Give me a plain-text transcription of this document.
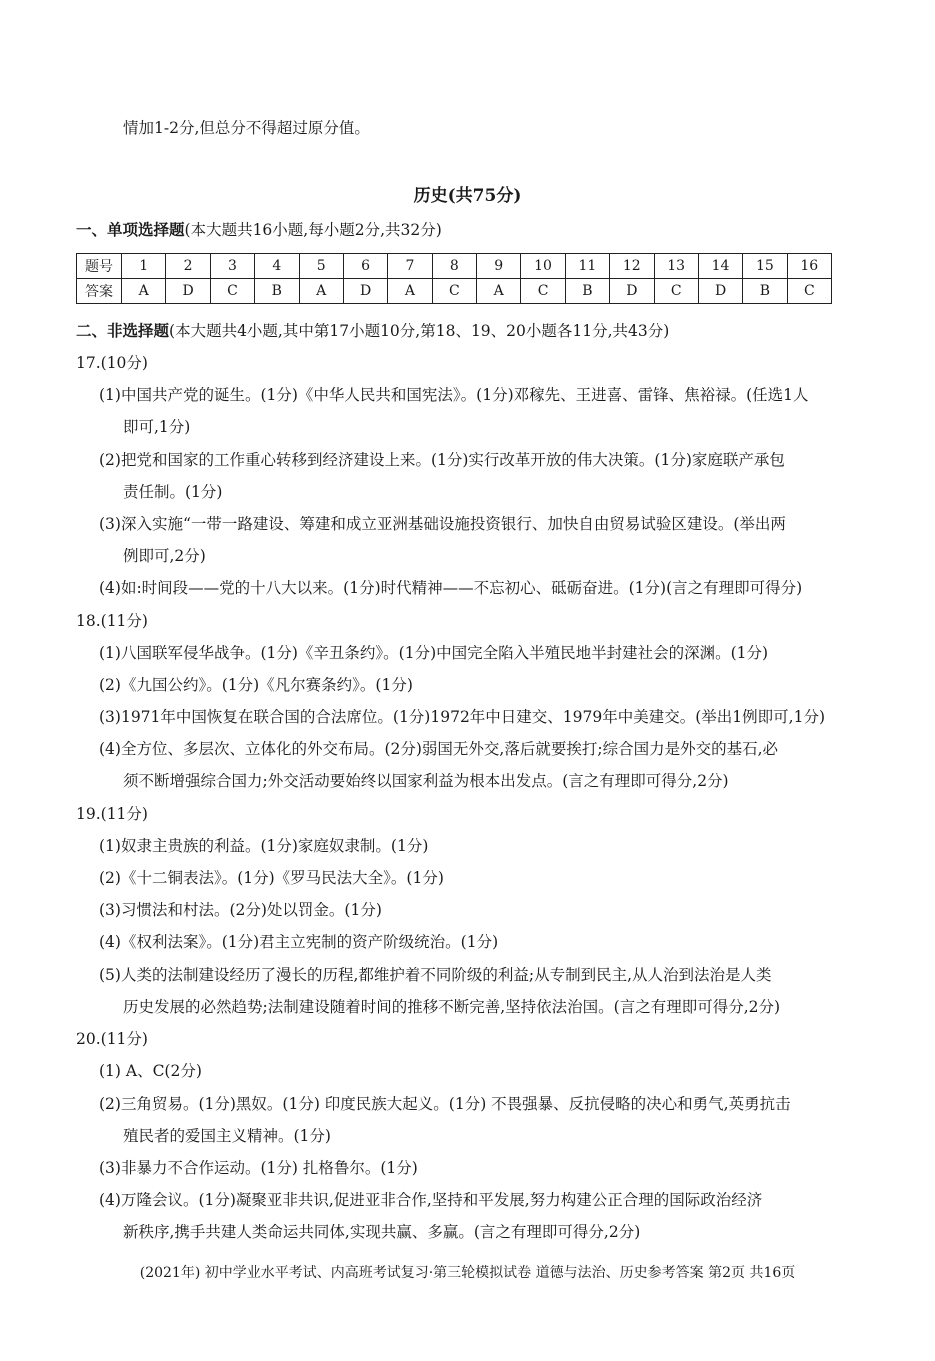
情加1-2分,但总分不得超过原分值。
历史(共75分)
一、单项选择题(本大题共16小题,每小题2分,共32分)
题号	1	2	3	4	5	6	7	8	9	10	11	12	13	14	15	16
答案	A	D	C	B	A	D	A	C	A	C	B	D	C	D	B	C
二、非选择题(本大题共4小题,其中第17小题10分,第18、19、20小题各11分,共43分)
17.(10分)
(1)中国共产党的诞生。(1分)《中华人民共和国宪法》。(1分)邓稼先、王进喜、雷锋、焦裕禄。(任选1人
即可,1分)
(2)把党和国家的工作重心转移到经济建设上来。(1分)实行改革开放的伟大决策。(1分)家庭联产承包
责任制。(1分)
(3)深入实施“一带一路建设、筹建和成立亚洲基础设施投资银行、加快自由贸易试验区建设。(举出两
例即可,2分)
(4)如:时间段——党的十八大以来。(1分)时代精神——不忘初心、砥砺奋进。(1分)(言之有理即可得分)
18.(11分)
(1)八国联军侵华战争。(1分)《辛丑条约》。(1分)中国完全陷入半殖民地半封建社会的深渊。(1分)
(2)《九国公约》。(1分)《凡尔赛条约》。(1分)
(3)1971年中国恢复在联合国的合法席位。(1分)1972年中日建交、1979年中美建交。(举出1例即可,1分)
(4)全方位、多层次、立体化的外交布局。(2分)弱国无外交,落后就要挨打;综合国力是外交的基石,必
须不断增强综合国力;外交活动要始终以国家利益为根本出发点。(言之有理即可得分,2分)
19.(11分)
(1)奴隶主贵族的利益。(1分)家庭奴隶制。(1分)
(2)《十二铜表法》。(1分)《罗马民法大全》。(1分)
(3)习惯法和村法。(2分)处以罚金。(1分)
(4)《权利法案》。(1分)君主立宪制的资产阶级统治。(1分)
(5)人类的法制建设经历了漫长的历程,都维护着不同阶级的利益;从专制到民主,从人治到法治是人类
历史发展的必然趋势;法制建设随着时间的推移不断完善,坚持依法治国。(言之有理即可得分,2分)
20.(11分)
(1) A、C(2分)
(2)三角贸易。(1分)黑奴。(1分) 印度民族大起义。(1分) 不畏强暴、反抗侵略的决心和勇气,英勇抗击
殖民者的爱国主义精神。(1分)
(3)非暴力不合作运动。(1分) 扎格鲁尔。(1分)
(4)万隆会议。(1分)凝聚亚非共识,促进亚非合作,坚持和平发展,努力构建公正合理的国际政治经济
新秩序,携手共建人类命运共同体,实现共赢、多赢。(言之有理即可得分,2分)
(2021年) 初中学业水平考试、内高班考试复习·第三轮模拟试卷 道德与法治、历史参考答案 第2页 共16页
